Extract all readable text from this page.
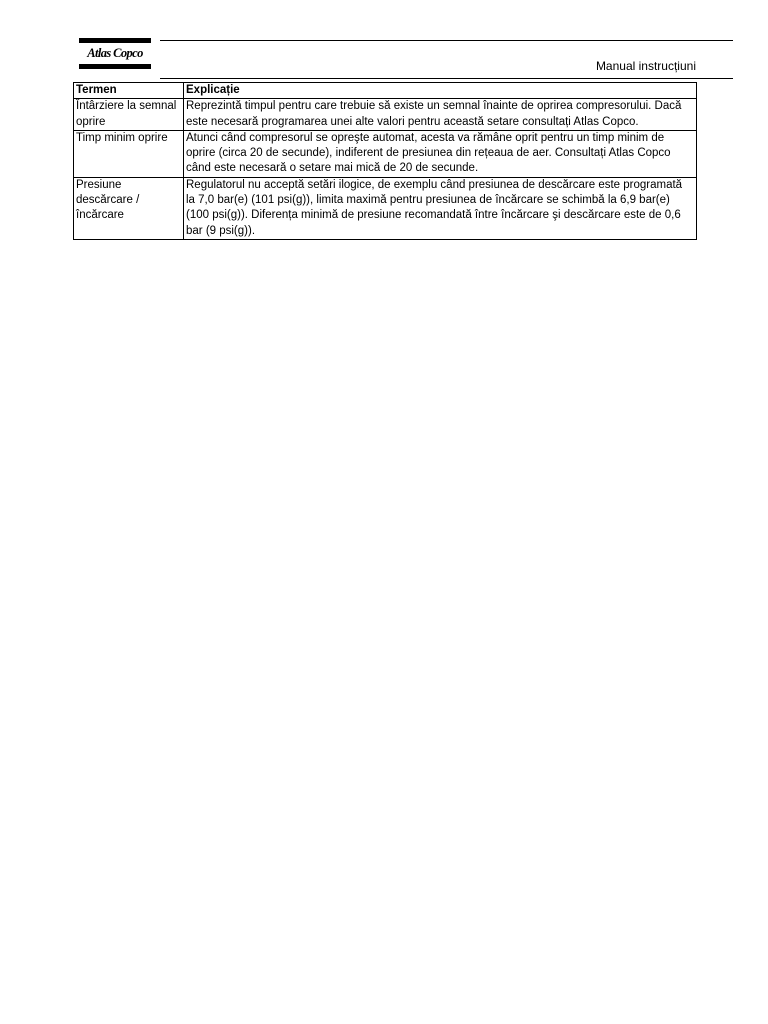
Atlas Copco
Manual instrucțiuni
Termen	Explicație
Întârziere la semnal oprire	Reprezintă timpul pentru care trebuie să existe un semnal înainte de oprirea compresorului. Dacă este necesară programarea unei alte valori pentru această setare consultați Atlas Copco.
Timp minim oprire	Atunci când compresorul se opreşte automat, acesta va rămâne oprit pentru un timp minim de oprire (circa 20 de secunde), indiferent de presiunea din rețeaua de aer. Consultați Atlas Copco când este necesară o setare mai mică de 20 de secunde.
Presiune descărcare / încărcare	Regulatorul nu acceptă setări ilogice, de exemplu când presiunea de descărcare este programată la 7,0 bar(e) (101 psi(g)), limita maximă pentru presiunea de încărcare se schimbă la 6,9 bar(e) (100 psi(g)). Diferența minimă de presiune recomandată între încărcare şi descărcare este de 0,6 bar (9 psi(g)).
